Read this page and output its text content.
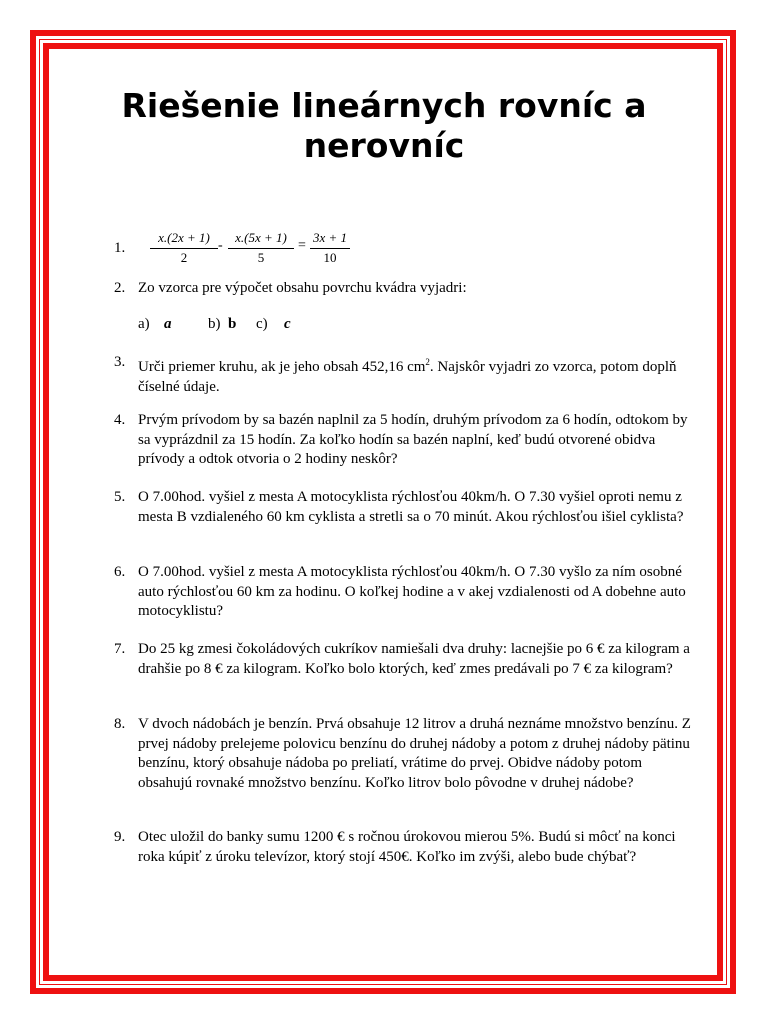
Riešenie lineárnych rovníc a nerovníc
1. $\frac{x.(2x + 1)}{2} - \frac{x.(5x + 1)}{5} = \frac{3x + 1}{10}$
2. Zo vzorca pre výpočet obsahu povrchu kvádra vyjadri:
a) a b) b c) c
3. Urči priemer kruhu, ak je jeho obsah 452,16 $cm^2$. Najskôr vyjadri zo vzorca, potom doplň číselné údaje.
4. Prvým prívodom by sa bazén naplnil za 5 hodín, druhým prívodom za 6 hodín, odtokom by sa vyprázdnil za 15 hodín. Za koľko hodín sa bazén naplní, keď budú otvorené obidva prívody a odtok otvoria o 2 hodiny neskôr?
5. O 7.00hod. vyšiel z mesta A motocyklista rýchlosťou 40km/h. O 7.30 vyšiel oproti nemu z mesta B vzdialeného 60 km cyklista a stretli sa o 70 minút. Akou rýchlosťou išiel cyklista?
6. O 7.00hod. vyšiel z mesta A motocyklista rýchlosťou 40km/h. O 7.30 vyšlo za ním osobné auto rýchlosťou 60 km za hodinu. O koľkej hodine a v akej vzdialenosti od A dobehne auto motocyklistu?
7. Do 25 kg zmesi čokoládových cukríkov namiešali dva druhy: lacnejšie po 6 € za kilogram a drahšie po 8 € za kilogram. Koľko bolo ktorých, keď zmes predávali po 7 € za kilogram?
8. V dvoch nádobách je benzín. Prvá obsahuje 12 litrov a druhá neznáme množstvo benzínu. Z prvej nádoby prelejeme polovicu benzínu do druhej nádoby a potom z druhej nádoby pätinu benzínu, ktorý obsahuje nádoba po preliatí, vrátime do prvej. Obidve nádoby potom obsahujú rovnaké množstvo benzínu. Koľko litrov bolo pôvodne v druhej nádobe?
9. Otec uložil do banky sumu 1200 € s ročnou úrokovou mierou 5%. Budú si môcť na konci roka kúpiť z úroku televízor, ktorý stojí 450€. Koľko im zvýši, alebo bude chýbať?
